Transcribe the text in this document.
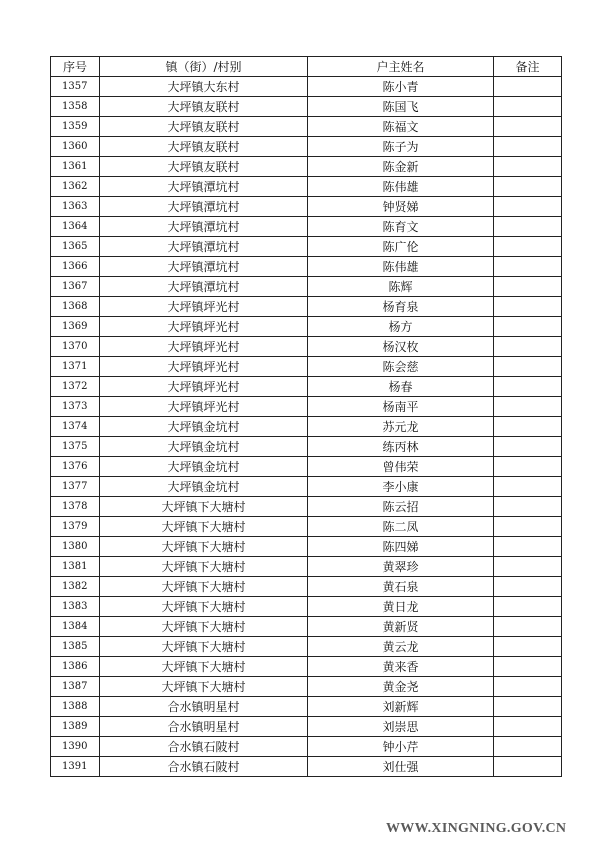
序号	镇（街）/村别	户主姓名	备注
1357	大坪镇大东村	陈小青	
1358	大坪镇友联村	陈国飞	
1359	大坪镇友联村	陈福文	
1360	大坪镇友联村	陈子为	
1361	大坪镇友联村	陈金新	
1362	大坪镇潭坑村	陈伟雄	
1363	大坪镇潭坑村	钟贤娣	
1364	大坪镇潭坑村	陈育文	
1365	大坪镇潭坑村	陈广伦	
1366	大坪镇潭坑村	陈伟雄	
1367	大坪镇潭坑村	陈辉	
1368	大坪镇坪光村	杨育泉	
1369	大坪镇坪光村	杨方	
1370	大坪镇坪光村	杨汉枚	
1371	大坪镇坪光村	陈会慈	
1372	大坪镇坪光村	杨春	
1373	大坪镇坪光村	杨南平	
1374	大坪镇金坑村	苏元龙	
1375	大坪镇金坑村	练丙林	
1376	大坪镇金坑村	曾伟荣	
1377	大坪镇金坑村	李小康	
1378	大坪镇下大塘村	陈云招	
1379	大坪镇下大塘村	陈二凤	
1380	大坪镇下大塘村	陈四娣	
1381	大坪镇下大塘村	黄翠珍	
1382	大坪镇下大塘村	黄石泉	
1383	大坪镇下大塘村	黄日龙	
1384	大坪镇下大塘村	黄新贤	
1385	大坪镇下大塘村	黄云龙	
1386	大坪镇下大塘村	黄来香	
1387	大坪镇下大塘村	黄金尧	
1388	合水镇明星村	刘新辉	
1389	合水镇明星村	刘崇思	
1390	合水镇石陂村	钟小芹	
1391	合水镇石陂村	刘仕强	
WWW.XINGNING.GOV.CN
